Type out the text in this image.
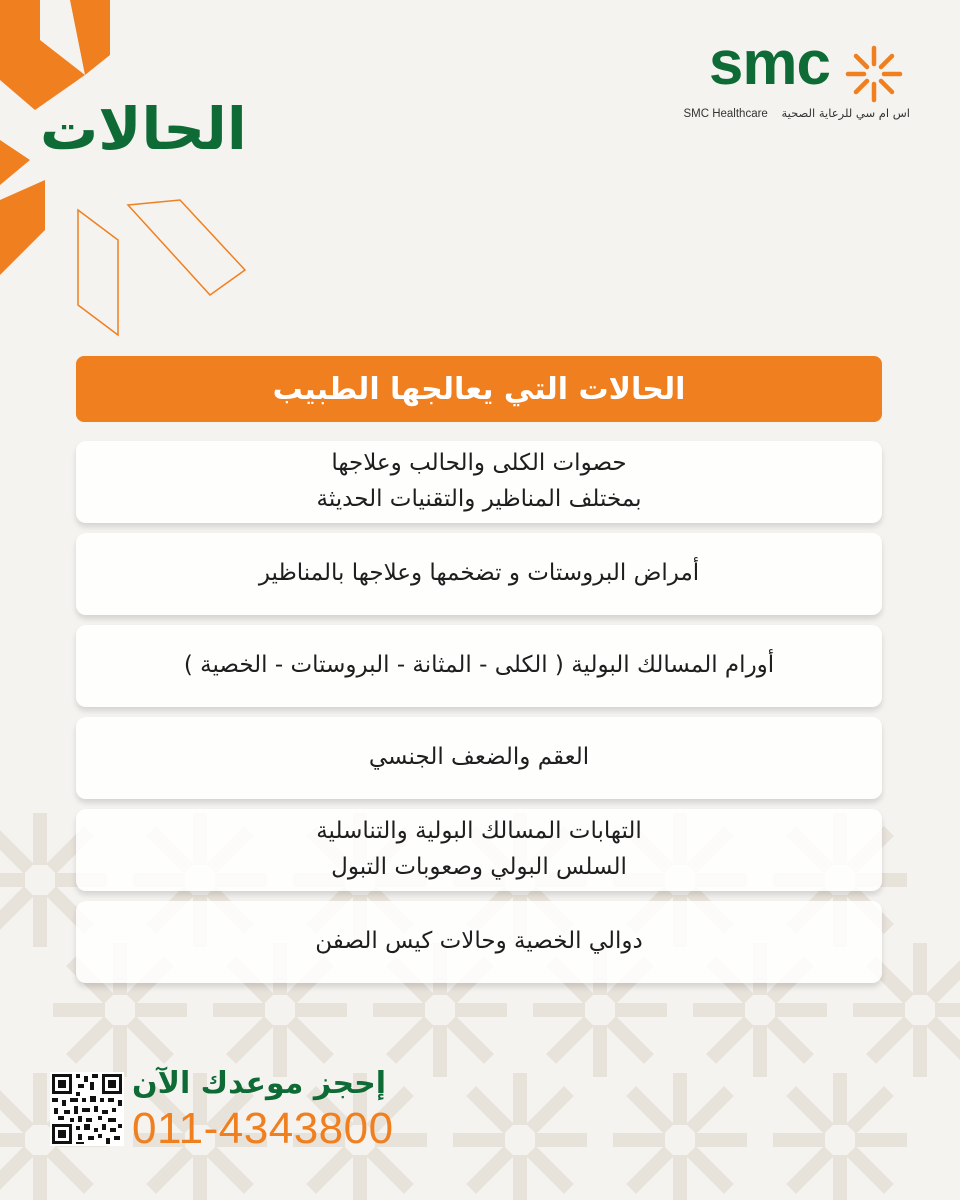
الحالات
smc
SMC Healthcare اس ام سي للرعاية الصحية
الحالات التي يعالجها الطبيب
حصوات الكلى والحالب وعلاجها
بمختلف المناظير والتقنيات الحديثة
أمراض البروستات و تضخمها وعلاجها بالمناظير
أورام المسالك البولية ( الكلى - المثانة - البروستات - الخصية )
العقم والضعف الجنسي
التهابات المسالك البولية والتناسلية
السلس البولي وصعوبات التبول
دوالي الخصية وحالات كيس الصفن
إحجز موعدك الآن
011-4343800
